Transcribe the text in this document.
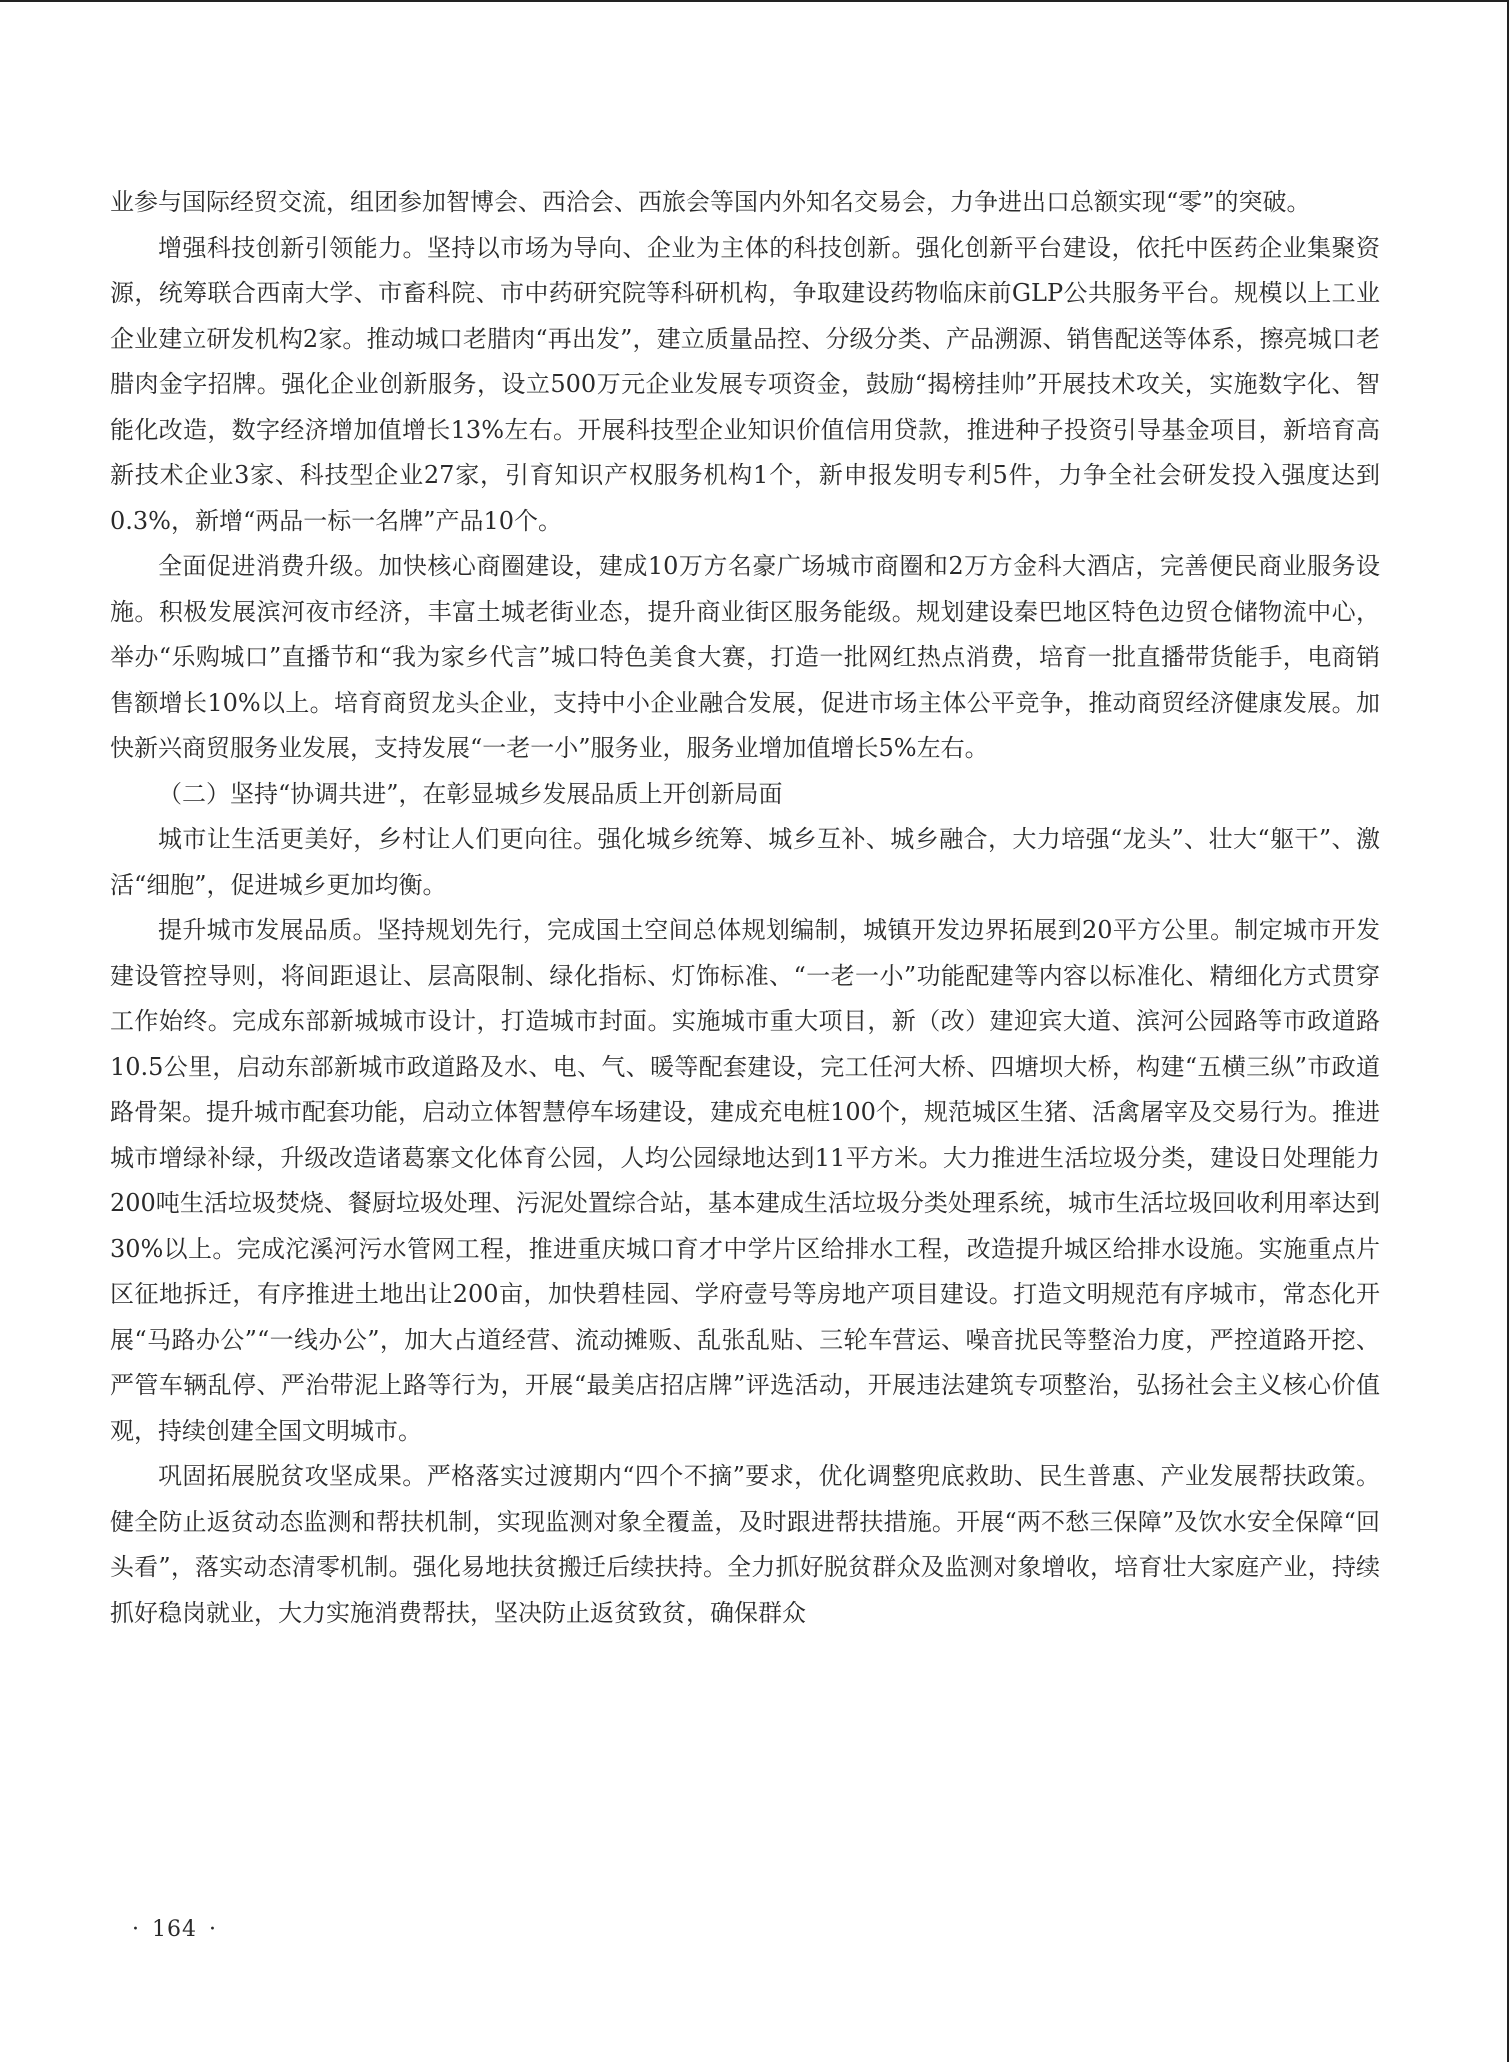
业参与国际经贸交流，组团参加智博会、西洽会、西旅会等国内外知名交易会，力争进出口总额实现“零”的突破。

增强科技创新引领能力。坚持以市场为导向、企业为主体的科技创新。强化创新平台建设，依托中医药企业集聚资源，统筹联合西南大学、市畜科院、市中药研究院等科研机构，争取建设药物临床前GLP公共服务平台。规模以上工业企业建立研发机构2家。推动城口老腊肉“再出发”，建立质量品控、分级分类、产品溯源、销售配送等体系，擦亮城口老腊肉金字招牌。强化企业创新服务，设立500万元企业发展专项资金，鼓励“揭榜挂帅”开展技术攻关，实施数字化、智能化改造，数字经济增加值增长13%左右。开展科技型企业知识价值信用贷款，推进种子投资引导基金项目，新培育高新技术企业3家、科技型企业27家，引育知识产权服务机构1个，新申报发明专利5件，力争全社会研发投入强度达到0.3%，新增“两品一标一名牌”产品10个。

全面促进消费升级。加快核心商圈建设，建成10万方名豪广场城市商圈和2万方金科大酒店，完善便民商业服务设施。积极发展滨河夜市经济，丰富土城老街业态，提升商业街区服务能级。规划建设秦巴地区特色边贸仓储物流中心，举办“乐购城口”直播节和“我为家乡代言”城口特色美食大赛，打造一批网红热点消费，培育一批直播带货能手，电商销售额增长10%以上。培育商贸龙头企业，支持中小企业融合发展，促进市场主体公平竞争，推动商贸经济健康发展。加快新兴商贸服务业发展，支持发展“一老一小”服务业，服务业增加值增长5%左右。

（二）坚持“协调共进”，在彰显城乡发展品质上开创新局面

城市让生活更美好，乡村让人们更向往。强化城乡统筹、城乡互补、城乡融合，大力培强“龙头”、壮大“躯干”、激活“细胞”，促进城乡更加均衡。

提升城市发展品质。坚持规划先行，完成国土空间总体规划编制，城镇开发边界拓展到20平方公里。制定城市开发建设管控导则，将间距退让、层高限制、绿化指标、灯饰标准、“一老一小”功能配建等内容以标准化、精细化方式贯穿工作始终。完成东部新城城市设计，打造城市封面。实施城市重大项目，新（改）建迎宾大道、滨河公园路等市政道路10.5公里，启动东部新城市政道路及水、电、气、暖等配套建设，完工任河大桥、四塘坝大桥，构建“五横三纵”市政道路骨架。提升城市配套功能，启动立体智慧停车场建设，建成充电桩100个，规范城区生猪、活禽屠宰及交易行为。推进城市增绿补绿，升级改造诸葛寨文化体育公园，人均公园绿地达到11平方米。大力推进生活垃圾分类，建设日处理能力200吨生活垃圾焚烧、餐厨垃圾处理、污泥处置综合站，基本建成生活垃圾分类处理系统，城市生活垃圾回收利用率达到30%以上。完成沱溪河污水管网工程，推进重庆城口育才中学片区给排水工程，改造提升城区给排水设施。实施重点片区征地拆迁，有序推进土地出让200亩，加快碧桂园、学府壹号等房地产项目建设。打造文明规范有序城市，常态化开展“马路办公”“一线办公”，加大占道经营、流动摊贩、乱张乱贴、三轮车营运、噪音扰民等整治力度，严控道路开挖、严管车辆乱停、严治带泥上路等行为，开展“最美店招店牌”评选活动，开展违法建筑专项整治，弘扬社会主义核心价值观，持续创建全国文明城市。

巩固拓展脱贫攻坚成果。严格落实过渡期内“四个不摘”要求，优化调整兜底救助、民生普惠、产业发展帮扶政策。健全防止返贫动态监测和帮扶机制，实现监测对象全覆盖，及时跟进帮扶措施。开展“两不愁三保障”及饮水安全保障“回头看”，落实动态清零机制。强化易地扶贫搬迁后续扶持。全力抓好脱贫群众及监测对象增收，培育壮大家庭产业，持续抓好稳岗就业，大力实施消费帮扶，坚决防止返贫致贫，确保群众

· 164 ·
